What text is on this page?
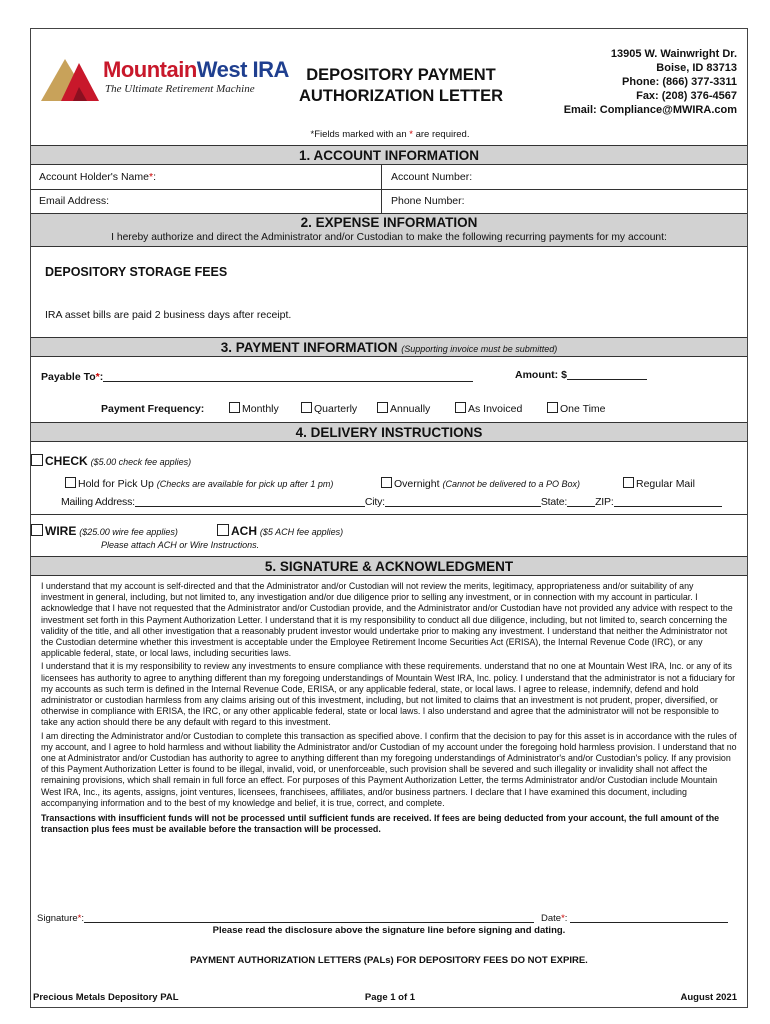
MountainWest IRA
The Ultimate Retirement Machine
DEPOSITORY PAYMENT
AUTHORIZATION LETTER
13905 W. Wainwright Dr.
Boise, ID 83713
Phone: (866) 377-3311
Fax: (208) 376-4567
Email: Compliance@MWIRA.com
*Fields marked with an * are required.
1. ACCOUNT INFORMATION
Account Holder's Name*:	Account Number:
Email Address:	Phone Number:
2. EXPENSE INFORMATION
I hereby authorize and direct the Administrator and/or Custodian to make the following recurring payments for my account:
DEPOSITORY STORAGE FEES
IRA asset bills are paid 2 business days after receipt.
3. PAYMENT INFORMATION (Supporting invoice must be submitted)
Payable To*:	Amount: $
Payment Frequency:	Monthly	Quarterly	Annually	As Invoiced	One Time
4. DELIVERY INSTRUCTIONS
CHECK ($5.00 check fee applies)
Hold for Pick Up (Checks are available for pick up after 1 pm)	Overnight (Cannot be delivered to a PO Box)	Regular Mail
Mailing Address:	City:	State:	ZIP:
WIRE ($25.00 wire fee applies)	ACH ($5 ACH fee applies)
Please attach ACH or Wire Instructions.
5. SIGNATURE & ACKNOWLEDGMENT

I understand that my account is self-directed and that the Administrator and/or Custodian will not review the merits, legitimacy, appropriateness and/or suitability of any investment in general, including, but not limited to, any investigation and/or due diligence prior to selling any investment, or in connection with my account in particular. I acknowledge that I have not requested that the Administrator and/or Custodian provide, and the Administrator and/or Custodian have not provided any advice with respect to the investment set forth in this Payment Authorization Letter. I understand that it is my responsibility to conduct all due diligence, including, but not limited to, search concerning the validity of the title, and all other investigation that a reasonably prudent investor would undertake prior to making any investment. I understand that neither the Administrator not the Custodian determine whether this investment is acceptable under the Employee Retirement Income Securities Act (ERISA), the Internal Revenue Code (IRC), or any applicable federal, state, or local laws, including securities laws.

I understand that it is my responsibility to review any investments to ensure compliance with these requirements. understand that no one at Mountain West IRA, Inc. or any of its licensees has authority to agree to anything different than my foregoing understandings of Mountain West IRA, Inc. policy. I understand that the administrator is not a fiduciary for my accounts as such term is defined in the Internal Revenue Code, ERISA, or any applicable federal, state, or local laws. I agree to release, indemnify, defend and hold administrator or custodian harmless from any claims arising out of this investment, including, but not limited to claims that an investment is not prudent, proper, diversified, or otherwise in compliance with ERISA, the IRC, or any other applicable federal, state or local laws. I also understand and agree that the administrator will not be responsible to take any action should there be any default with regard to this investment.

I am directing the Administrator and/or Custodian to complete this transaction as specified above. I confirm that the decision to pay for this asset is in accordance with the rules of my account, and I agree to hold harmless and without liability the Administrator and/or Custodian of my account under the foregoing hold harmless provision. I understand that no one at Administrator and/or Custodian has authority to agree to anything different than my foregoing understandings of Administrator's and/or Custodian's policy. If any provision of this Payment Authorization Letter is found to be illegal, invalid, void, or unenforceable, such provision shall be severed and such illegality or invalidity shall not affect the remaining provisions, which shall remain in full force an effect. For purposes of this Payment Authorization Letter, the terms Administrator and/or Custodian include Mountain West IRA, Inc., its agents, assigns, joint ventures, licensees, franchisees, affiliates, and/or business partners. I declare that I have examined this document, including accompanying information and to the best of my knowledge and belief, it is true, correct, and complete.

Transactions with insufficient funds will not be processed until sufficient funds are received. If fees are being deducted from your account, the full amount of the transaction plus fees must be available before the transaction will be processed.

Signature*:	Date*:
Please read the disclosure above the signature line before signing and dating.
PAYMENT AUTHORIZATION LETTERS (PALs) FOR DEPOSITORY FEES DO NOT EXPIRE.
Precious Metals Depository PAL	Page 1 of 1	August 2021
